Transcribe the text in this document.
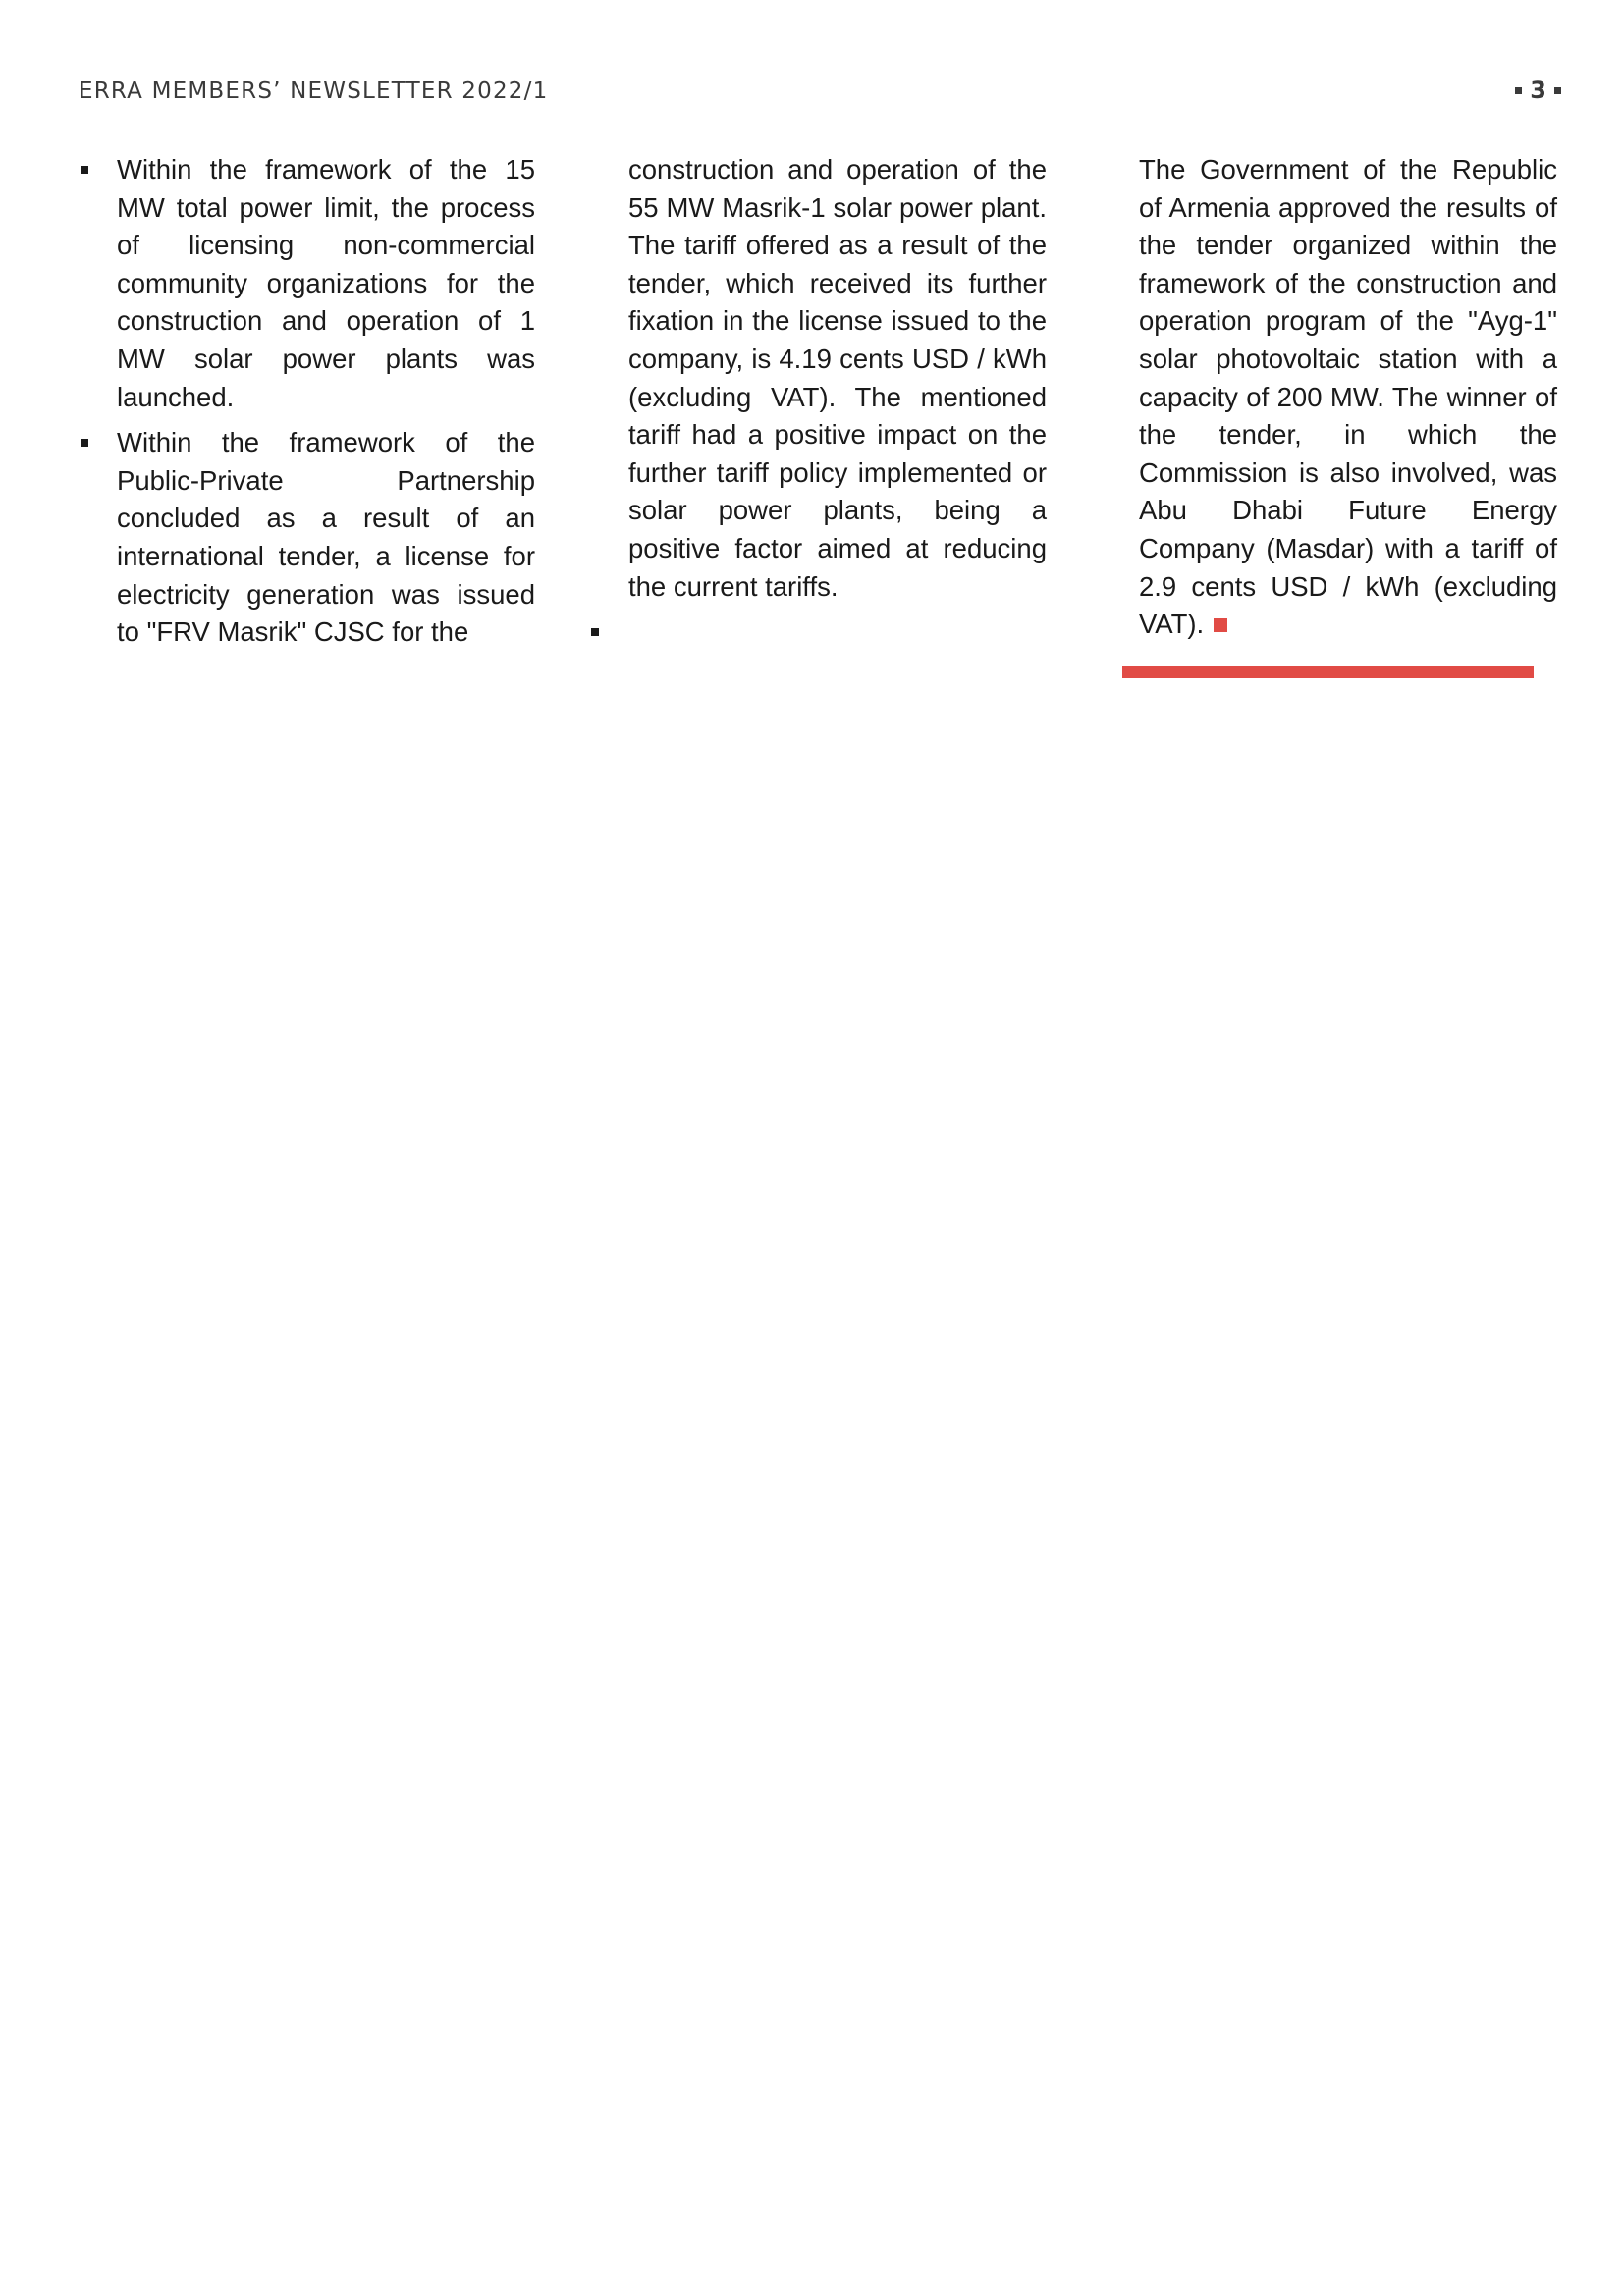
ERRA MEMBERS’ NEWSLETTER 2022/1	3

Within the framework of the 15 MW total power limit, the process of licensing non-commercial community organizations for the construction and operation of 1 MW solar power plants was launched.

Within the framework of the Public-Private Partnership concluded as a result of an international tender, a license for electricity generation was issued to "FRV Masrik" CJSC for the

construction and operation of the 55 MW Masrik-1 solar power plant. The tariff offered as a result of the tender, which received its further fixation in the license issued to the company, is 4.19 cents USD / kWh (excluding VAT). The mentioned tariff had a positive impact on the further tariff policy implemented or solar power plants, being a positive factor aimed at reducing the current tariffs.

The Government of the Republic of Armenia approved the results of the tender organized within the framework of the construction and operation program of the "Ayg-1" solar photovoltaic station with a capacity of 200 MW. The winner of the tender, in which the Commission is also involved, was Abu Dhabi Future Energy Company (Masdar) with a tariff of 2.9 cents USD / kWh (excluding VAT).
